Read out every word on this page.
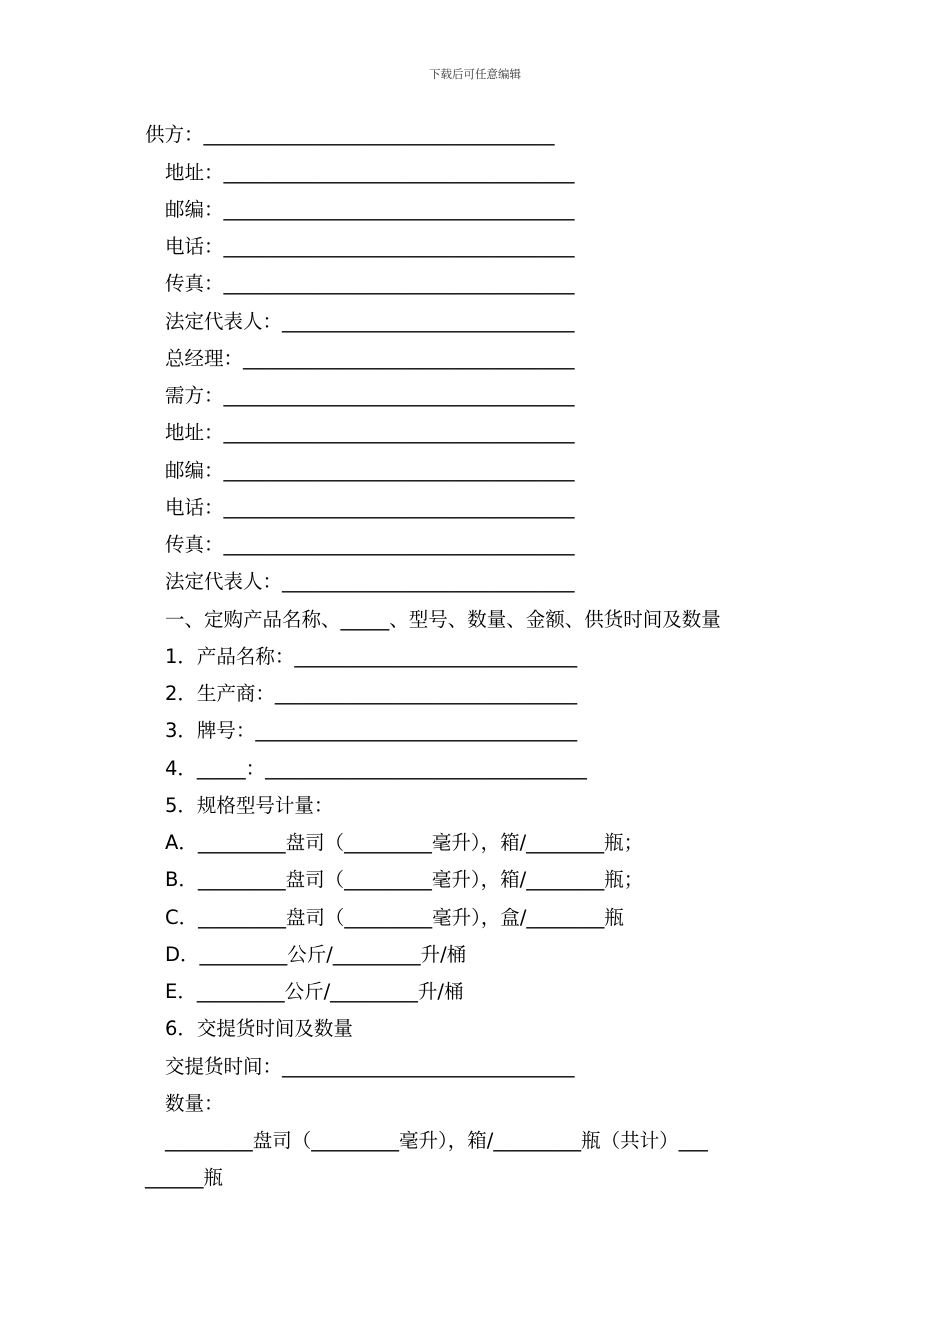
下载后可任意编辑
供方：____________________________________
地址：____________________________________
邮编：____________________________________
电话：____________________________________
传真：____________________________________
法定代表人：______________________________
总经理：__________________________________
需方：____________________________________
地址：____________________________________
邮编：____________________________________
电话：____________________________________
传真：____________________________________
法定代表人：______________________________
一、定购产品名称、_____、型号、数量、金额、供货时间及数量
1．产品名称：_____________________________
2．生产商：_______________________________
3．牌号：_________________________________
4．_____：_________________________________
5．规格型号计量：
A．_________盘司（_________毫升），箱/________瓶；
B．_________盘司（_________毫升），箱/________瓶；
C．_________盘司（_________毫升），盒/________瓶
D．_________公斤/_________升/桶
E．_________公斤/_________升/桶
6．交提货时间及数量
交提货时间：______________________________
数量：
_________盘司（_________毫升），箱/_________瓶（共计）___
______瓶
